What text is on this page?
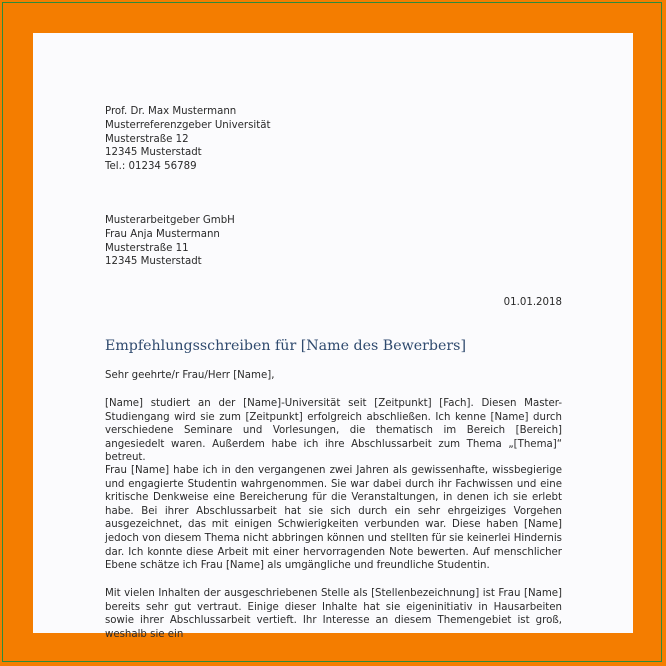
Prof. Dr. Max Mustermann
Musterreferenzgeber Universität
Musterstraße 12
12345 Musterstadt
Tel.: 01234 56789
Musterarbeitgeber GmbH
Frau Anja Mustermann
Musterstraße 11
12345 Musterstadt
01.01.2018
Empfehlungsschreiben für [Name des Bewerbers]
Sehr geehrte/r Frau/Herr [Name],
[Name] studiert an der [Name]-Universität seit [Zeitpunkt] [Fach]. Diesen Master-Studiengang wird sie zum [Zeitpunkt] erfolgreich abschließen. Ich kenne [Name] durch verschiedene Seminare und Vorlesungen, die thematisch im Bereich [Bereich] angesiedelt waren. Außerdem habe ich ihre Abschlussarbeit zum Thema „[Thema]“ betreut.
Frau [Name] habe ich in den vergangenen zwei Jahren als gewissenhafte, wissbegierige und engagierte Studentin wahrgenommen. Sie war dabei durch ihr Fachwissen und eine kritische Denkweise eine Bereicherung für die Veranstaltungen, in denen ich sie erlebt habe. Bei ihrer Abschlussarbeit hat sie sich durch ein sehr ehrgeiziges Vorgehen ausgezeichnet, das mit einigen Schwierigkeiten verbunden war. Diese haben [Name] jedoch von diesem Thema nicht abbringen können und stellten für sie keinerlei Hindernis dar. Ich konnte diese Arbeit mit einer hervorragenden Note bewerten. Auf menschlicher Ebene schätze ich Frau [Name] als umgängliche und freundliche Studentin.
Mit vielen Inhalten der ausgeschriebenen Stelle als [Stellenbezeichnung] ist Frau [Name] bereits sehr gut vertraut. Einige dieser Inhalte hat sie eigeninitiativ in Hausarbeiten sowie ihrer Abschlussarbeit vertieft. Ihr Interesse an diesem Themengebiet ist groß, weshalb sie ein
